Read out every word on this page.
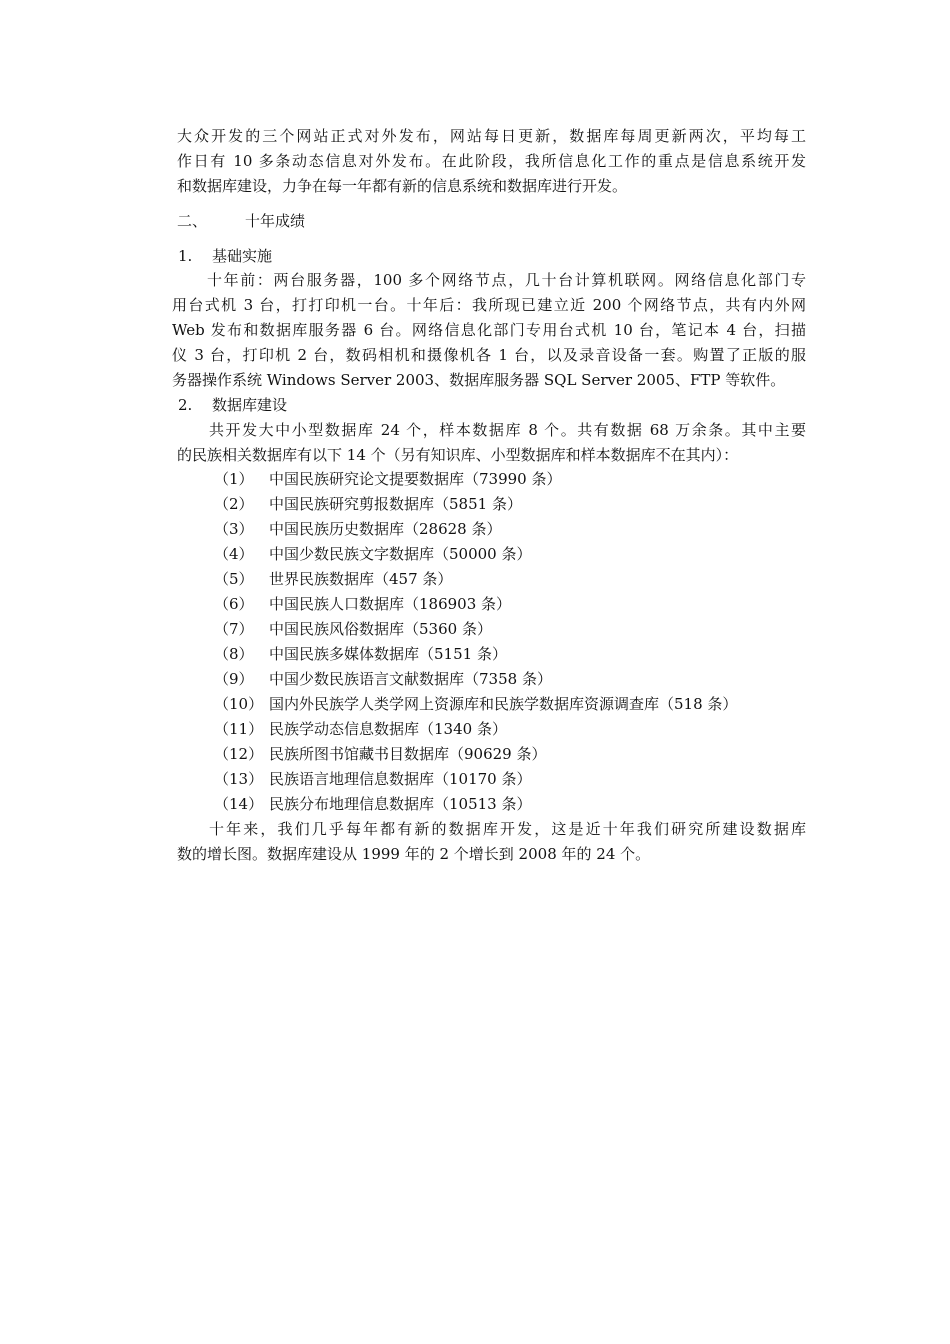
大众开发的三个网站正式对外发布，网站每日更新，数据库每周更新两次，平均每工
作日有 10 多条动态信息对外发布。在此阶段，我所信息化工作的重点是信息系统开发
和数据库建设，力争在每一年都有新的信息系统和数据库进行开发。
二、	十年成绩
1. 基础实施
十年前：两台服务器，100 多个网络节点，几十台计算机联网。网络信息化部门专
用台式机 3 台，打打印机一台。十年后：我所现已建立近 200 个网络节点，共有内外网
Web 发布和数据库服务器 6 台。网络信息化部门专用台式机 10 台，笔记本 4 台，扫描
仪 3 台，打印机 2 台，数码相机和摄像机各 1 台，以及录音设备一套。购置了正版的服
务器操作系统 Windows Server 2003、数据库服务器 SQL Server 2005、FTP 等软件。
2. 数据库建设
共开发大中小型数据库 24 个，样本数据库 8 个。共有数据 68 万余条。其中主要
的民族相关数据库有以下 14 个（另有知识库、小型数据库和样本数据库不在其内）：
（1） 中国民族研究论文提要数据库（73990 条）
（2） 中国民族研究剪报数据库（5851 条）
（3） 中国民族历史数据库（28628 条）
（4） 中国少数民族文字数据库（50000 条）
（5） 世界民族数据库（457 条）
（6） 中国民族人口数据库（186903 条）
（7） 中国民族风俗数据库（5360 条）
（8） 中国民族多媒体数据库（5151 条）
（9） 中国少数民族语言文献数据库（7358 条）
（10） 国内外民族学人类学网上资源库和民族学数据库资源调查库（518 条）
（11） 民族学动态信息数据库（1340 条）
（12） 民族所图书馆藏书目数据库（90629 条）
（13） 民族语言地理信息数据库（10170 条）
（14） 民族分布地理信息数据库（10513 条）
十年来，我们几乎每年都有新的数据库开发，这是近十年我们研究所建设数据库
数的增长图。数据库建设从 1999 年的 2 个增长到 2008 年的 24 个。
